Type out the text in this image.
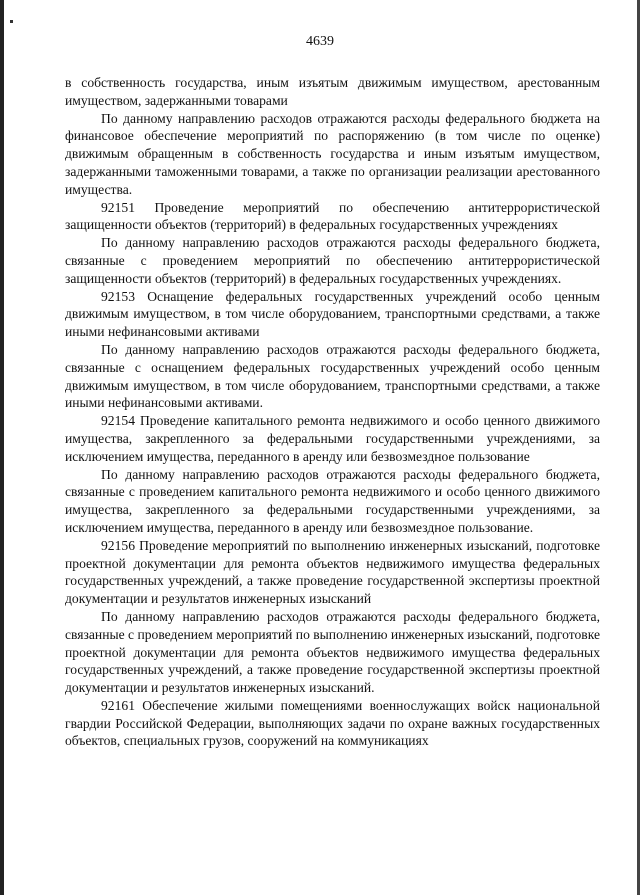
4639

в собственность государства, иным изъятым движимым имуществом, арестованным имуществом, задержанными товарами

По данному направлению расходов отражаются расходы федерального бюджета на финансовое обеспечение мероприятий по распоряжению (в том числе по оценке) движимым обращенным в собственность государства и иным изъятым имуществом, задержанными таможенными товарами, а также по организации реализации арестованного имущества.

92151 Проведение мероприятий по обеспечению антитеррористической защищенности объектов (территорий) в федеральных государственных учреждениях

По данному направлению расходов отражаются расходы федерального бюджета, связанные с проведением мероприятий по обеспечению антитеррористической защищенности объектов (территорий) в федеральных государственных учреждениях.

92153 Оснащение федеральных государственных учреждений особо ценным движимым имуществом, в том числе оборудованием, транспортными средствами, а также иными нефинансовыми активами

По данному направлению расходов отражаются расходы федерального бюджета, связанные с оснащением федеральных государственных учреждений особо ценным движимым имуществом, в том числе оборудованием, транспортными средствами, а также иными нефинансовыми активами.

92154 Проведение капитального ремонта недвижимого и особо ценного движимого имущества, закрепленного за федеральными государственными учреждениями, за исключением имущества, переданного в аренду или безвозмездное пользование

По данному направлению расходов отражаются расходы федерального бюджета, связанные с проведением капитального ремонта недвижимого и особо ценного движимого имущества, закрепленного за федеральными государственными учреждениями, за исключением имущества, переданного в аренду или безвозмездное пользование.

92156 Проведение мероприятий по выполнению инженерных изысканий, подготовке проектной документации для ремонта объектов недвижимого имущества федеральных государственных учреждений, а также проведение государственной экспертизы проектной документации и результатов инженерных изысканий

По данному направлению расходов отражаются расходы федерального бюджета, связанные с проведением мероприятий по выполнению инженерных изысканий, подготовке проектной документации для ремонта объектов недвижимого имущества федеральных государственных учреждений, а также проведение государственной экспертизы проектной документации и результатов инженерных изысканий.

92161 Обеспечение жилыми помещениями военнослужащих войск национальной гвардии Российской Федерации, выполняющих задачи по охране важных государственных объектов, специальных грузов, сооружений на коммуникациях
